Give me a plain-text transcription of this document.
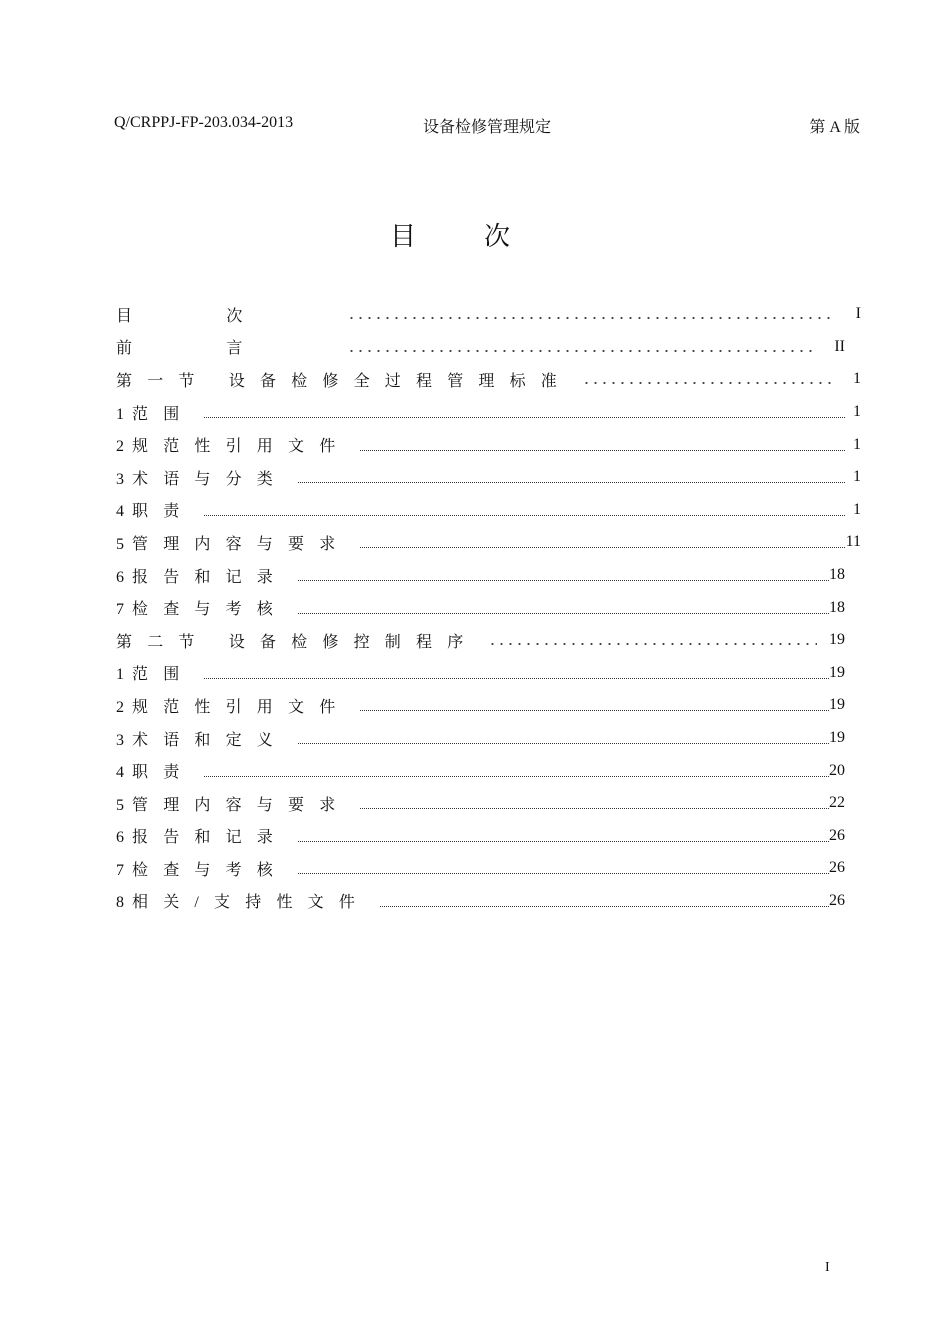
Q/CRPPJ-FP-203.034-2013	设备检修管理规定	第 A 版
目次
目次	I
前言	II
第一节 设备检修全过程管理标准	1
1 范围	1
2 规范性引用文件	1
3 术语与分类	1
4 职责	1
5 管理内容与要求	11
6 报告和记录	18
7 检查与考核	18
第二节 设备检修控制程序	19
1 范围	19
2 规范性引用文件	19
3 术语和定义	19
4 职责	20
5 管理内容与要求	22
6 报告和记录	26
7 检查与考核	26
8 相关/支持性文件	26
I
